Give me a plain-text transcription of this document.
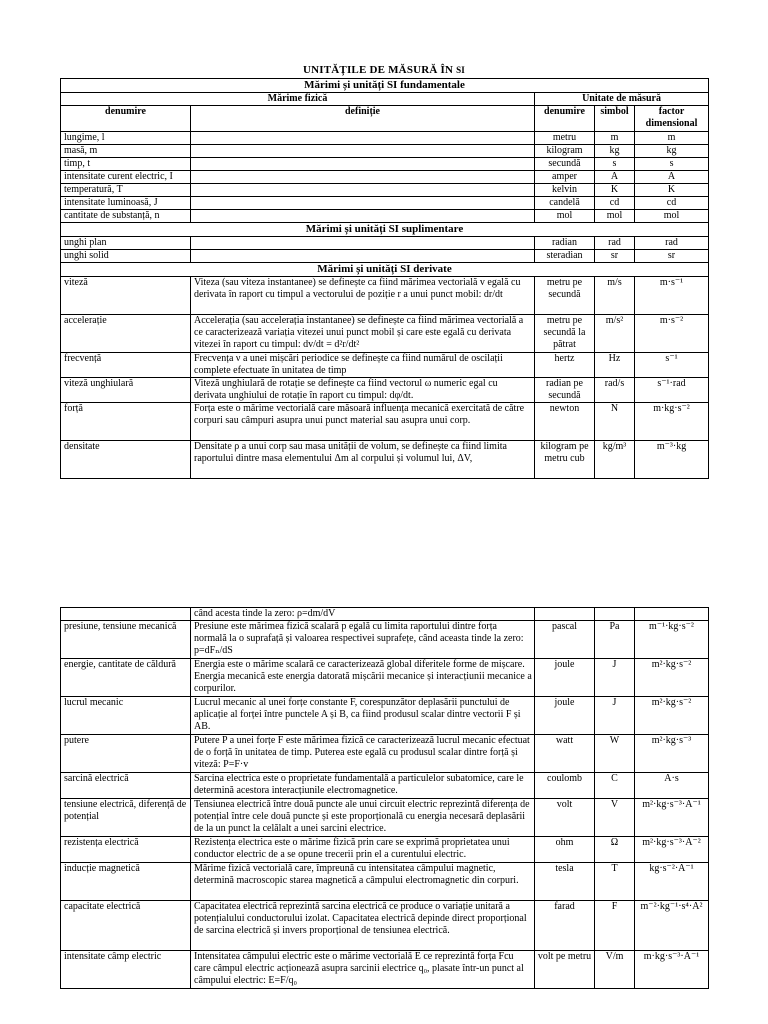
UNITĂȚILE DE MĂSURĂ ÎN SI
Mărimi și unități SI fundamentale				
Mărime fizică		Unitate de măsură		
denumire	definiție	denumire	simbol	factor dimensional
lungime, l		metru	m	m
masă, m		kilogram	kg	kg
timp, t		secundă	s	s
intensitate curent electric, I		amper	A	A
temperatură, T		kelvin	K	K
intensitate luminoasă, J		candelă	cd	cd
cantitate de substanță, n		mol	mol	mol
Mărimi și unități SI suplimentare				
unghi plan		radian	rad	rad
unghi solid		steradian	sr	sr
Mărimi și unități SI derivate				
viteză	Viteza (sau viteza instantanee) se definește ca fiind mărimea vectorială v egală cu derivata în raport cu timpul a vectorului de poziție r a unui punct mobil: dr/dt	metru pe secundă	m/s	m·s⁻¹
accelerație	Accelerația (sau accelerația instantanee) se definește ca fiind mărimea vectorială a ce caracterizează variația vitezei unui punct mobil și care este egală cu derivata vitezei în raport cu timpul: dv/dt = d²r/dt²	metru pe secundă la pătrat	m/s²	m·s⁻²
frecvență	Frecvența ν a unei mișcări periodice se definește ca fiind numărul de oscilații complete efectuate în unitatea de timp	hertz	Hz	s⁻¹
viteză unghiulară	Viteză unghiulară de rotație se definește ca fiind vectorul ω numeric egal cu derivata unghiului de rotație în raport cu timpul: dφ/dt.	radian pe secundă	rad/s	s⁻¹·rad
forță	Forța este o mărime vectorială care măsoară influența mecanică exercitată de către corpuri sau câmpuri asupra unui punct material sau asupra unui corp.	newton	N	m·kg·s⁻²
densitate	Densitate ρ a unui corp sau masa unității de volum, se definește ca fiind limita raportului dintre masa elementului Δm al corpului și volumul lui, ΔV,	kilogram pe metru cub	kg/m³	m⁻³·kg
	când acesta tinde la zero: ρ=dm/dV			
presiune, tensiune mecanică	Presiune este mărimea fizică scalară p egală cu limita raportului dintre forța normală la o suprafață și valoarea respectivei suprafețe, când aceasta tinde la zero: p=dFₙ/dS	pascal	Pa	m⁻¹·kg·s⁻²
energie, cantitate de căldură	Energia este o mărime scalară ce caracterizează global diferitele forme de mișcare. Energia mecanică este energia datorată mișcării mecanice și interacțiunii mecanice a corpurilor.	joule	J	m²·kg·s⁻²
lucrul mecanic	Lucrul mecanic al unei forțe constante F, corespunzător deplasării punctului de aplicație al forței între punctele A și B, ca fiind produsul scalar dintre vectorii F și AB.	joule	J	m²·kg·s⁻²
putere	Putere P a unei forțe F este mărimea fizică ce caracterizează lucrul mecanic efectuat de o forță în unitatea de timp. Puterea este egală cu produsul scalar dintre forță și viteză: P=F·v	watt	W	m²·kg·s⁻³
sarcină electrică	Sarcina electrica este o proprietate fundamentală a particulelor subatomice, care le determină acestora interacțiunile electromagnetice.	coulomb	C	A·s
tensiune electrică, diferență de potențial	Tensiunea electrică între două puncte ale unui circuit electric reprezintă diferența de potențial între cele două puncte și este proporțională cu energia necesară deplasării de la un punct la celălalt a unei sarcini electrice.	volt	V	m²·kg·s⁻³·A⁻¹
rezistența electrică	Rezistența electrica este o mărime fizică prin care se exprimă proprietatea unui conductor electric de a se opune trecerii prin el a curentului electric.	ohm	Ω	m²·kg·s⁻³·A⁻²
inducție magnetică	Mărime fizică vectorială care, împreună cu intensitatea câmpului magnetic, determină macroscopic starea magnetică a câmpului electromagnetic din corpuri.	tesla	T	kg·s⁻²·A⁻¹
capacitate electrică	Capacitatea electrică reprezintă sarcina electrică ce produce o variație unitară a potențialului conductorului izolat. Capacitatea electrică depinde direct proporțional de sarcina electrică și invers proporțional de tensiunea electrică.	farad	F	m⁻²·kg⁻¹·s⁴·A²
intensitate câmp electric	Intensitatea câmpului electric este o mărime vectorială E ce reprezintă forța Fcu care câmpul electric acționează asupra sarcinii electrice q₀, plasate într-un punct al câmpului electric: E=F/q₀	volt pe metru	V/m	m·kg·s⁻³·A⁻¹
